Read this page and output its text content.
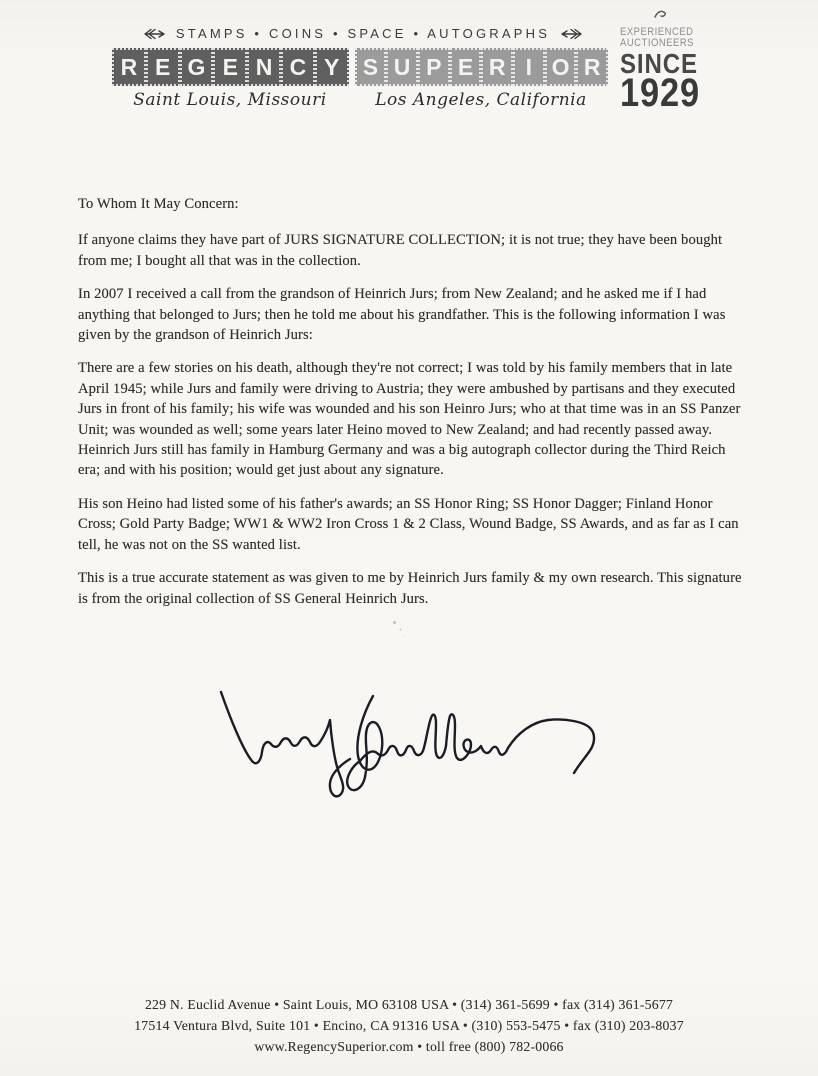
STAMPS • COINS • SPACE • AUTOGRAPHS
R E G E N C Y	S U P E R I O R
Saint Louis, Missouri	Los Angeles, California
EXPERIENCED
AUCTIONEERS
SINCE
1929

To Whom It May Concern:

If anyone claims they have part of JURS SIGNATURE COLLECTION; it is not true; they have been bought from me; I bought all that was in the collection.

In 2007 I received a call from the grandson of Heinrich Jurs; from New Zealand; and he asked me if I had anything that belonged to Jurs; then he told me about his grandfather. This is the following information I was given by the grandson of Heinrich Jurs:

There are a few stories on his death, although they're not correct; I was told by his family members that in late April 1945; while Jurs and family were driving to Austria; they were ambushed by partisans and they executed Jurs in front of his family; his wife was wounded and his son Heinro Jurs; who at that time was in an SS Panzer Unit; was wounded as well; some years later Heino moved to New Zealand; and had recently passed away. Heinrich Jurs still has family in Hamburg Germany and was a big autograph collector during the Third Reich era; and with his position; would get just about any signature.

His son Heino had listed some of his father's awards; an SS Honor Ring; SS Honor Dagger; Finland Honor Cross; Gold Party Badge; WW1 & WW2 Iron Cross 1 & 2 Class, Wound Badge, SS Awards, and as far as I can tell, he was not on the SS wanted list.

This is a true accurate statement as was given to me by Heinrich Jurs family & my own research. This signature is from the original collection of SS General Heinrich Jurs.

229 N. Euclid Avenue • Saint Louis, MO 63108 USA • (314) 361-5699 • fax (314) 361-5677
17514 Ventura Blvd, Suite 101 • Encino, CA 91316 USA • (310) 553-5475 • fax (310) 203-8037
www.RegencySuperior.com • toll free (800) 782-0066
